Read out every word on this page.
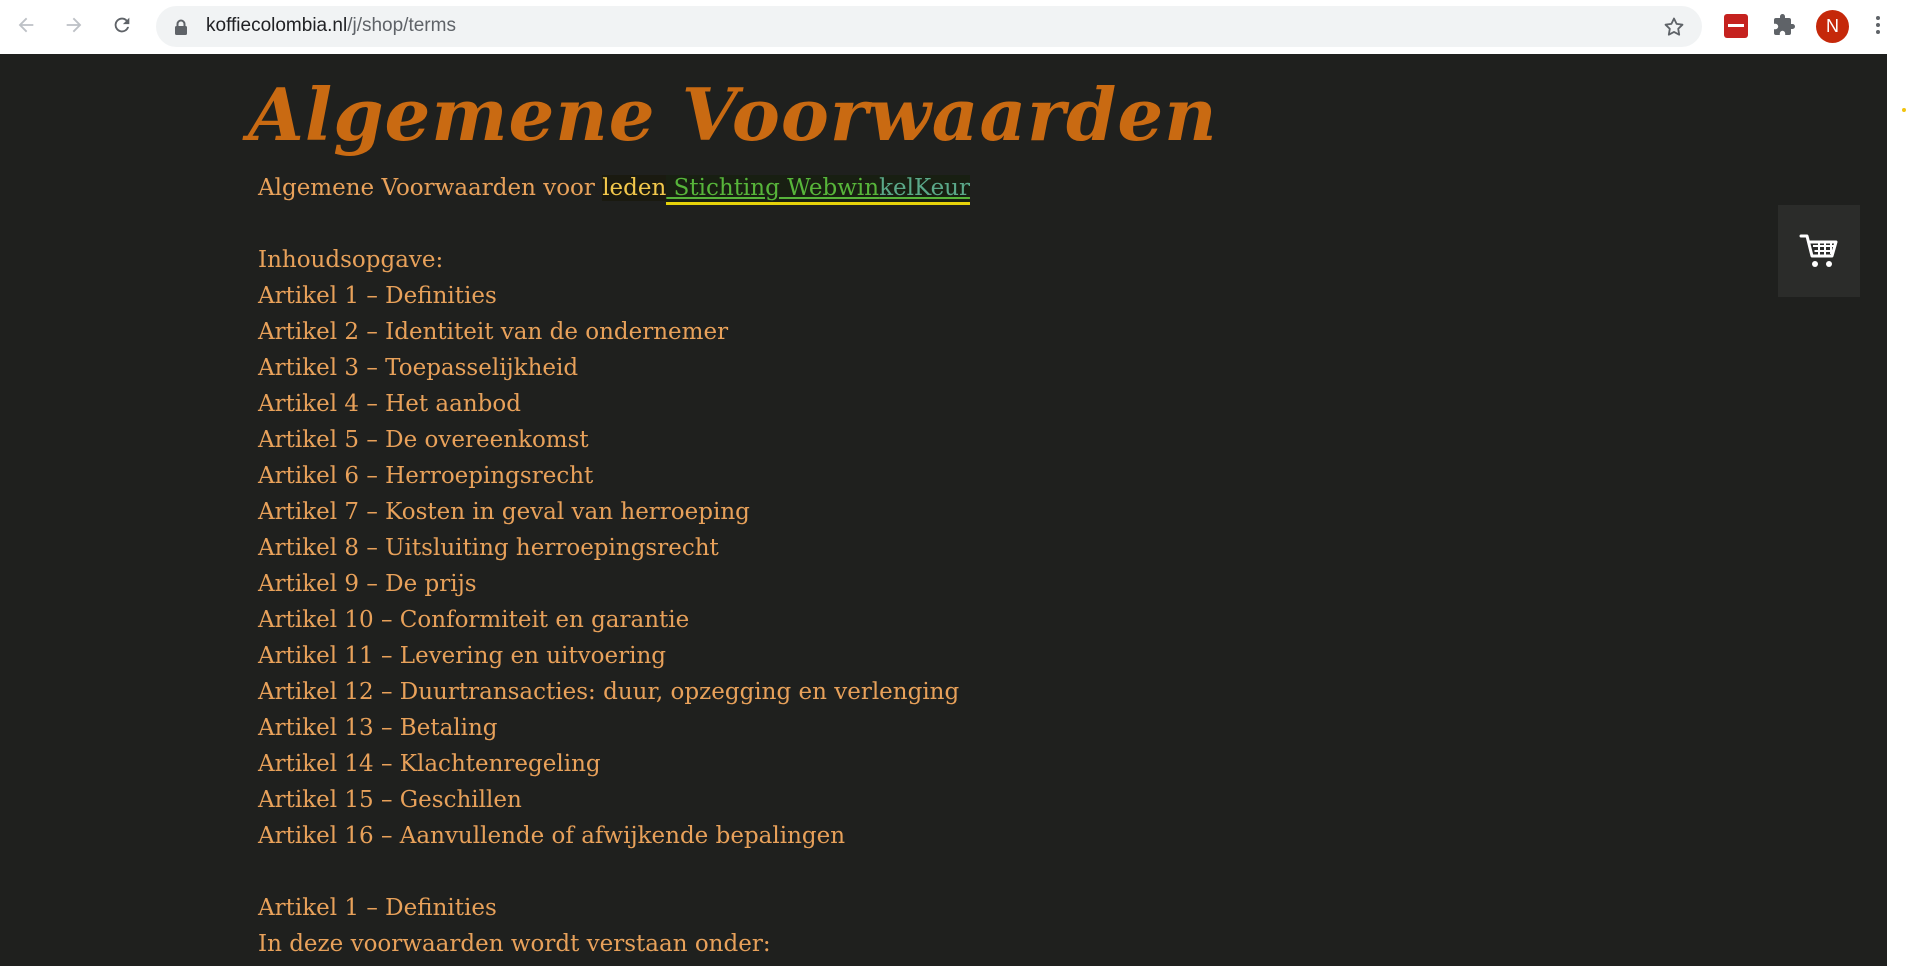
koffiecolombia.nl/j/shop/terms	N
Algemene Voorwaarden
Algemene Voorwaarden voor leden Stichting WebwinkelKeur
Inhoudsopgave:
Artikel 1 – Definities
Artikel 2 – Identiteit van de ondernemer
Artikel 3 – Toepasselijkheid
Artikel 4 – Het aanbod
Artikel 5 – De overeenkomst
Artikel 6 – Herroepingsrecht
Artikel 7 – Kosten in geval van herroeping
Artikel 8 – Uitsluiting herroepingsrecht
Artikel 9 – De prijs
Artikel 10 – Conformiteit en garantie
Artikel 11 – Levering en uitvoering
Artikel 12 – Duurtransacties: duur, opzegging en verlenging
Artikel 13 – Betaling
Artikel 14 – Klachtenregeling
Artikel 15 – Geschillen
Artikel 16 – Aanvullende of afwijkende bepalingen
Artikel 1 – Definities
In deze voorwaarden wordt verstaan onder:
